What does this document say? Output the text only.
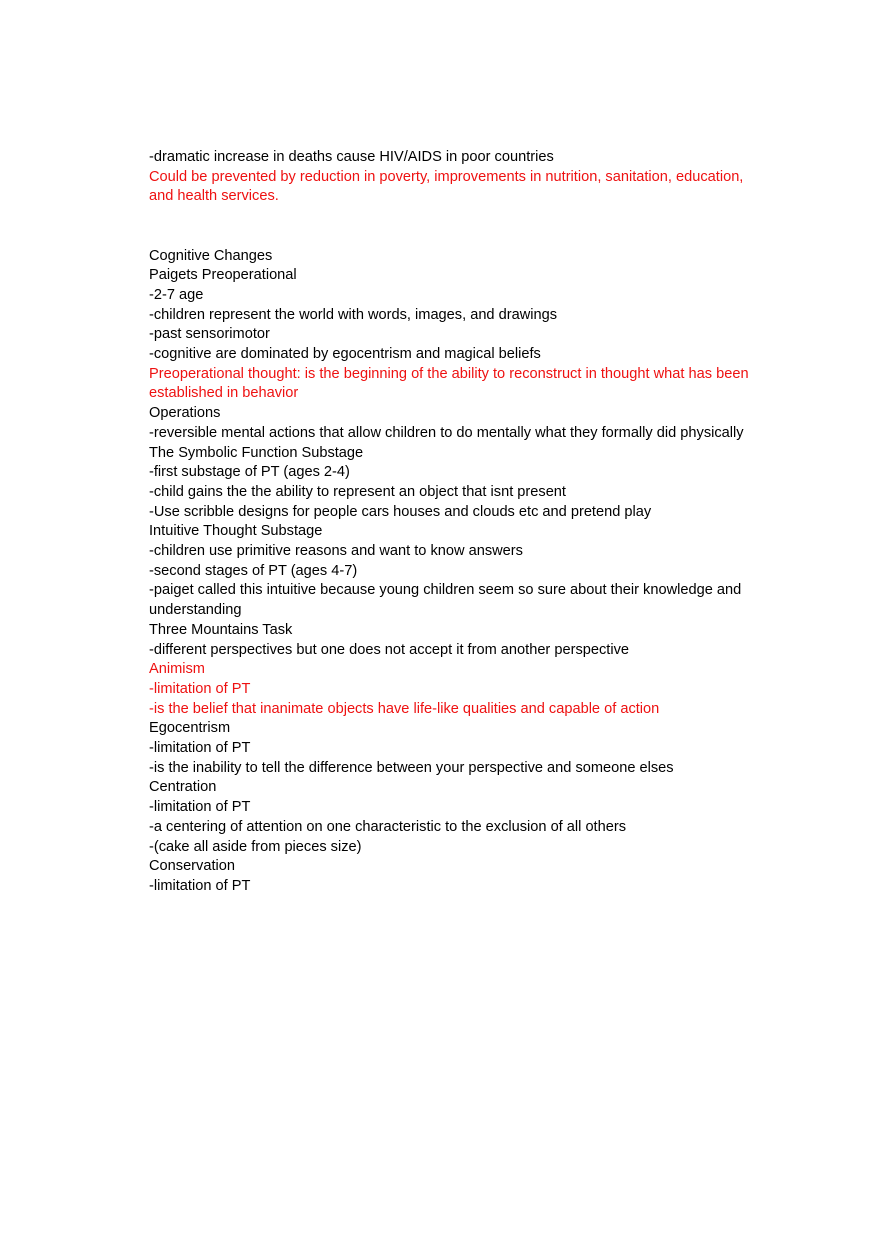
-dramatic increase in deaths cause HIV/AIDS in poor countries

Could be prevented by reduction in poverty, improvements in nutrition, sanitation, education, and health services.

Cognitive Changes

Paigets Preoperational

-2-7 age

-children represent the world with words, images, and drawings

-past sensorimotor

-cognitive are dominated by egocentrism and magical beliefs

Preoperational thought: is the beginning of the ability to reconstruct in thought what has been established in behavior

Operations

-reversible mental actions that allow children to do mentally what they formally did physically

The Symbolic Function Substage

-first substage of PT (ages 2-4)

-child gains the the ability to represent an object that isnt present

-Use scribble designs for people cars houses and clouds etc and pretend play

Intuitive Thought Substage

-children use primitive reasons and want to know answers

-second stages of PT (ages 4-7)

-paiget called this intuitive because young children seem so sure about their knowledge and understanding

Three Mountains Task

-different perspectives but one does not accept it from another perspective

Animism

-limitation of PT

-is the belief that inanimate objects have life-like qualities and capable of action

Egocentrism

-limitation of PT

-is the inability to tell the difference between your perspective and someone elses

Centration

-limitation of PT

-a centering of attention on one characteristic to the exclusion of all others

-(cake all aside from pieces size)

Conservation

-limitation of PT
